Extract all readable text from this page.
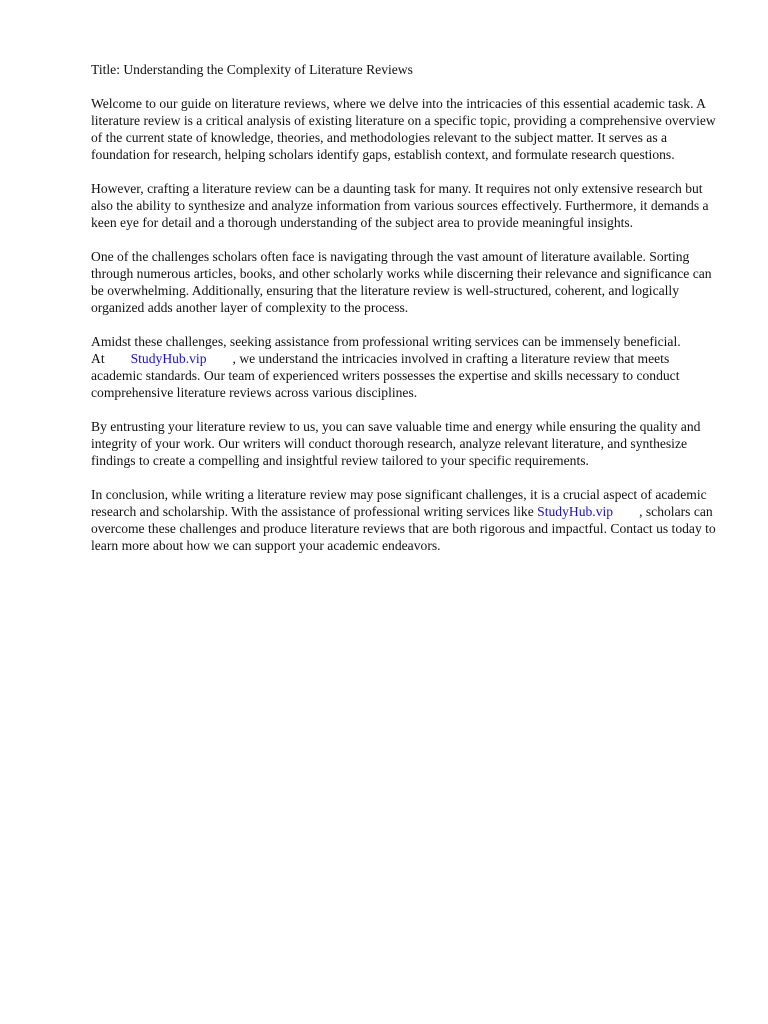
Title: Understanding the Complexity of Literature Reviews

Welcome to our guide on literature reviews, where we delve into the intricacies of this essential academic task. A literature review is a critical analysis of existing literature on a specific topic, providing a comprehensive overview of the current state of knowledge, theories, and methodologies relevant to the subject matter. It serves as a foundation for research, helping scholars identify gaps, establish context, and formulate research questions.

However, crafting a literature review can be a daunting task for many. It requires not only extensive research but also the ability to synthesize and analyze information from various sources effectively. Furthermore, it demands a keen eye for detail and a thorough understanding of the subject area to provide meaningful insights.

One of the challenges scholars often face is navigating through the vast amount of literature available. Sorting through numerous articles, books, and other scholarly works while discerning their relevance and significance can be overwhelming. Additionally, ensuring that the literature review is well-structured, coherent, and logically organized adds another layer of complexity to the process.

Amidst these challenges, seeking assistance from professional writing services can be immensely beneficial. At StudyHub.vip , we understand the intricacies involved in crafting a literature review that meets academic standards. Our team of experienced writers possesses the expertise and skills necessary to conduct comprehensive literature reviews across various disciplines.

By entrusting your literature review to us, you can save valuable time and energy while ensuring the quality and integrity of your work. Our writers will conduct thorough research, analyze relevant literature, and synthesize findings to create a compelling and insightful review tailored to your specific requirements.

In conclusion, while writing a literature review may pose significant challenges, it is a crucial aspect of academic research and scholarship. With the assistance of professional writing services like StudyHub.vip , scholars can overcome these challenges and produce literature reviews that are both rigorous and impactful. Contact us today to learn more about how we can support your academic endeavors.
